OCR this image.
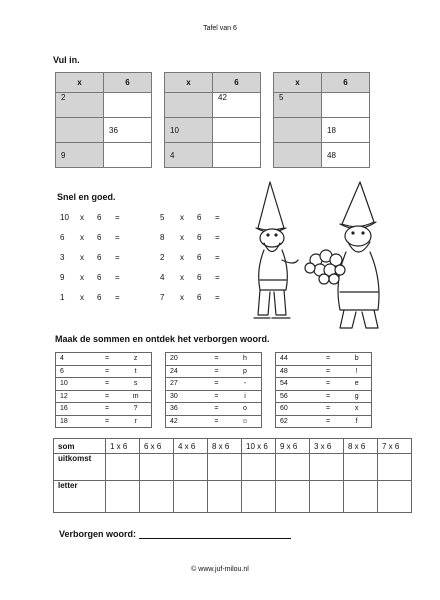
Tafel van 6
Vul in.
x	6
2	
	36
9	
x	6
	42
10	
4	
x	6
5	
	18
	48
Snel en goed.
10 x 6 =
6 x 6 =
3 x 6 =
9 x 6 =
1 x 6 =
5 x 6 =
8 x 6 =
2 x 6 =
4 x 6 =
7 x 6 =
Maak de sommen en ontdek het verborgen woord.
4	=	z
6	=	t
10	=	s
12	=	m
16	=	?
18	=	r
20	=	h
24	=	p
27	=	-
30	=	i
36	=	o
42	=	☺
44	=	b
48	=	!
54	=	e
56	=	g
60	=	x
62	=	f
som	1 x 6	6 x 6	4 x 6	8 x 6	10 x 6	9 x 6	3 x 6	8 x 6	7 x 6
uitkomst									
letter									
Verborgen woord:
© www.juf-milou.nl
